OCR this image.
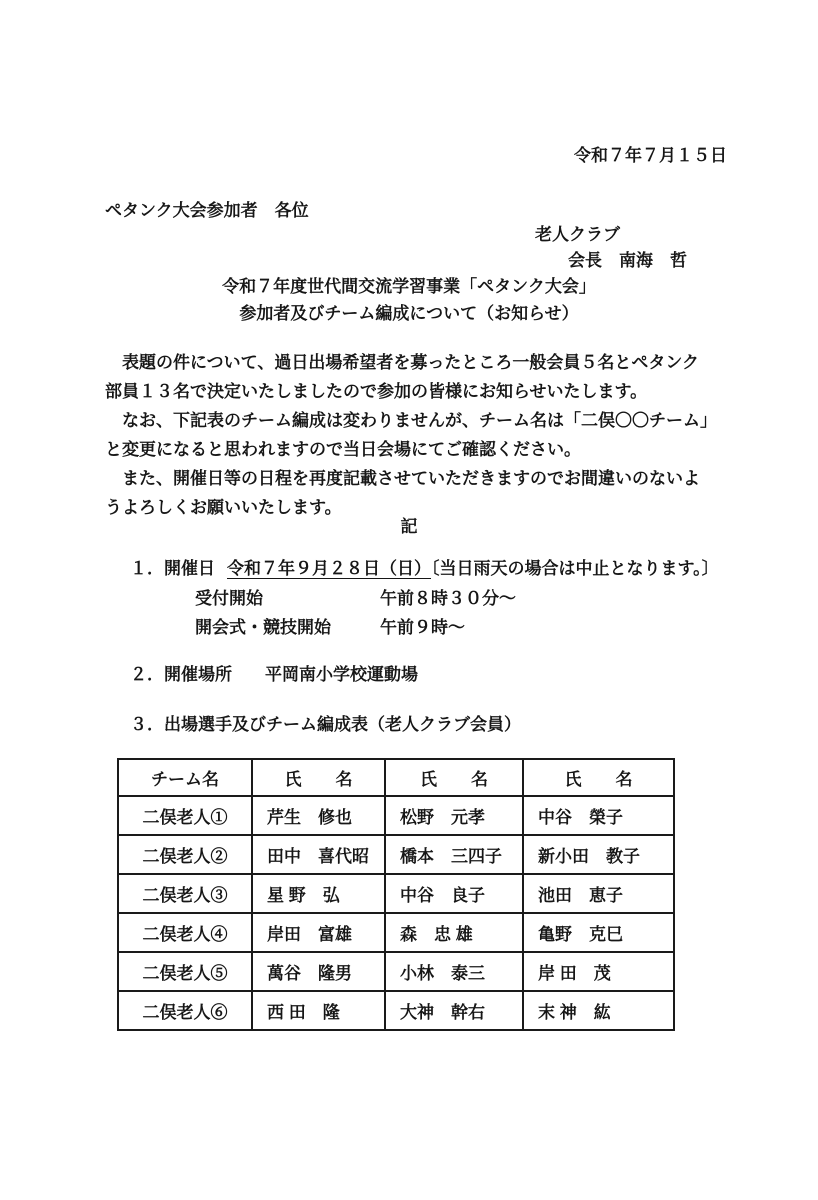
令和７年７月１５日
ペタンク大会参加者　各位
老人クラブ
会長　南海　哲
令和７年度世代間交流学習事業「ペタンク大会」
参加者及びチーム編成について（お知らせ）
　表題の件について、過日出場希望者を募ったところ一般会員５名とペタンク
部員１３名で決定いたしましたので参加の皆様にお知らせいたします。
　なお、下記表のチーム編成は変わりませんが、チーム名は「二俣〇〇チーム」
と変更になると思われますので当日会場にてご確認ください。
　また、開催日等の日程を再度記載させていただきますのでお間違いのないよ
うよろしくお願いいたします。
記
１．開催日 令和７年９月２８日（日）〔当日雨天の場合は中止となります。〕
受付開始	午前８時３０分～
開会式・競技開始	午前９時～
２．開催場所 平岡南小学校運動場
３．出場選手及びチーム編成表（老人クラブ会員）
チーム名	氏　　名	氏　　名	氏　　名
二俣老人①	芹生　修也	松野　元孝	中谷　榮子
二俣老人②	田中　喜代昭	橋本　三四子	新小田　教子
二俣老人③	星 野　弘	中谷　良子	池田　恵子
二俣老人④	岸田　富雄	森　忠 雄	亀野　克巳
二俣老人⑤	萬谷　隆男	小林　泰三	岸 田　茂
二俣老人⑥	西 田　隆	大神　幹右	末 神　紘
